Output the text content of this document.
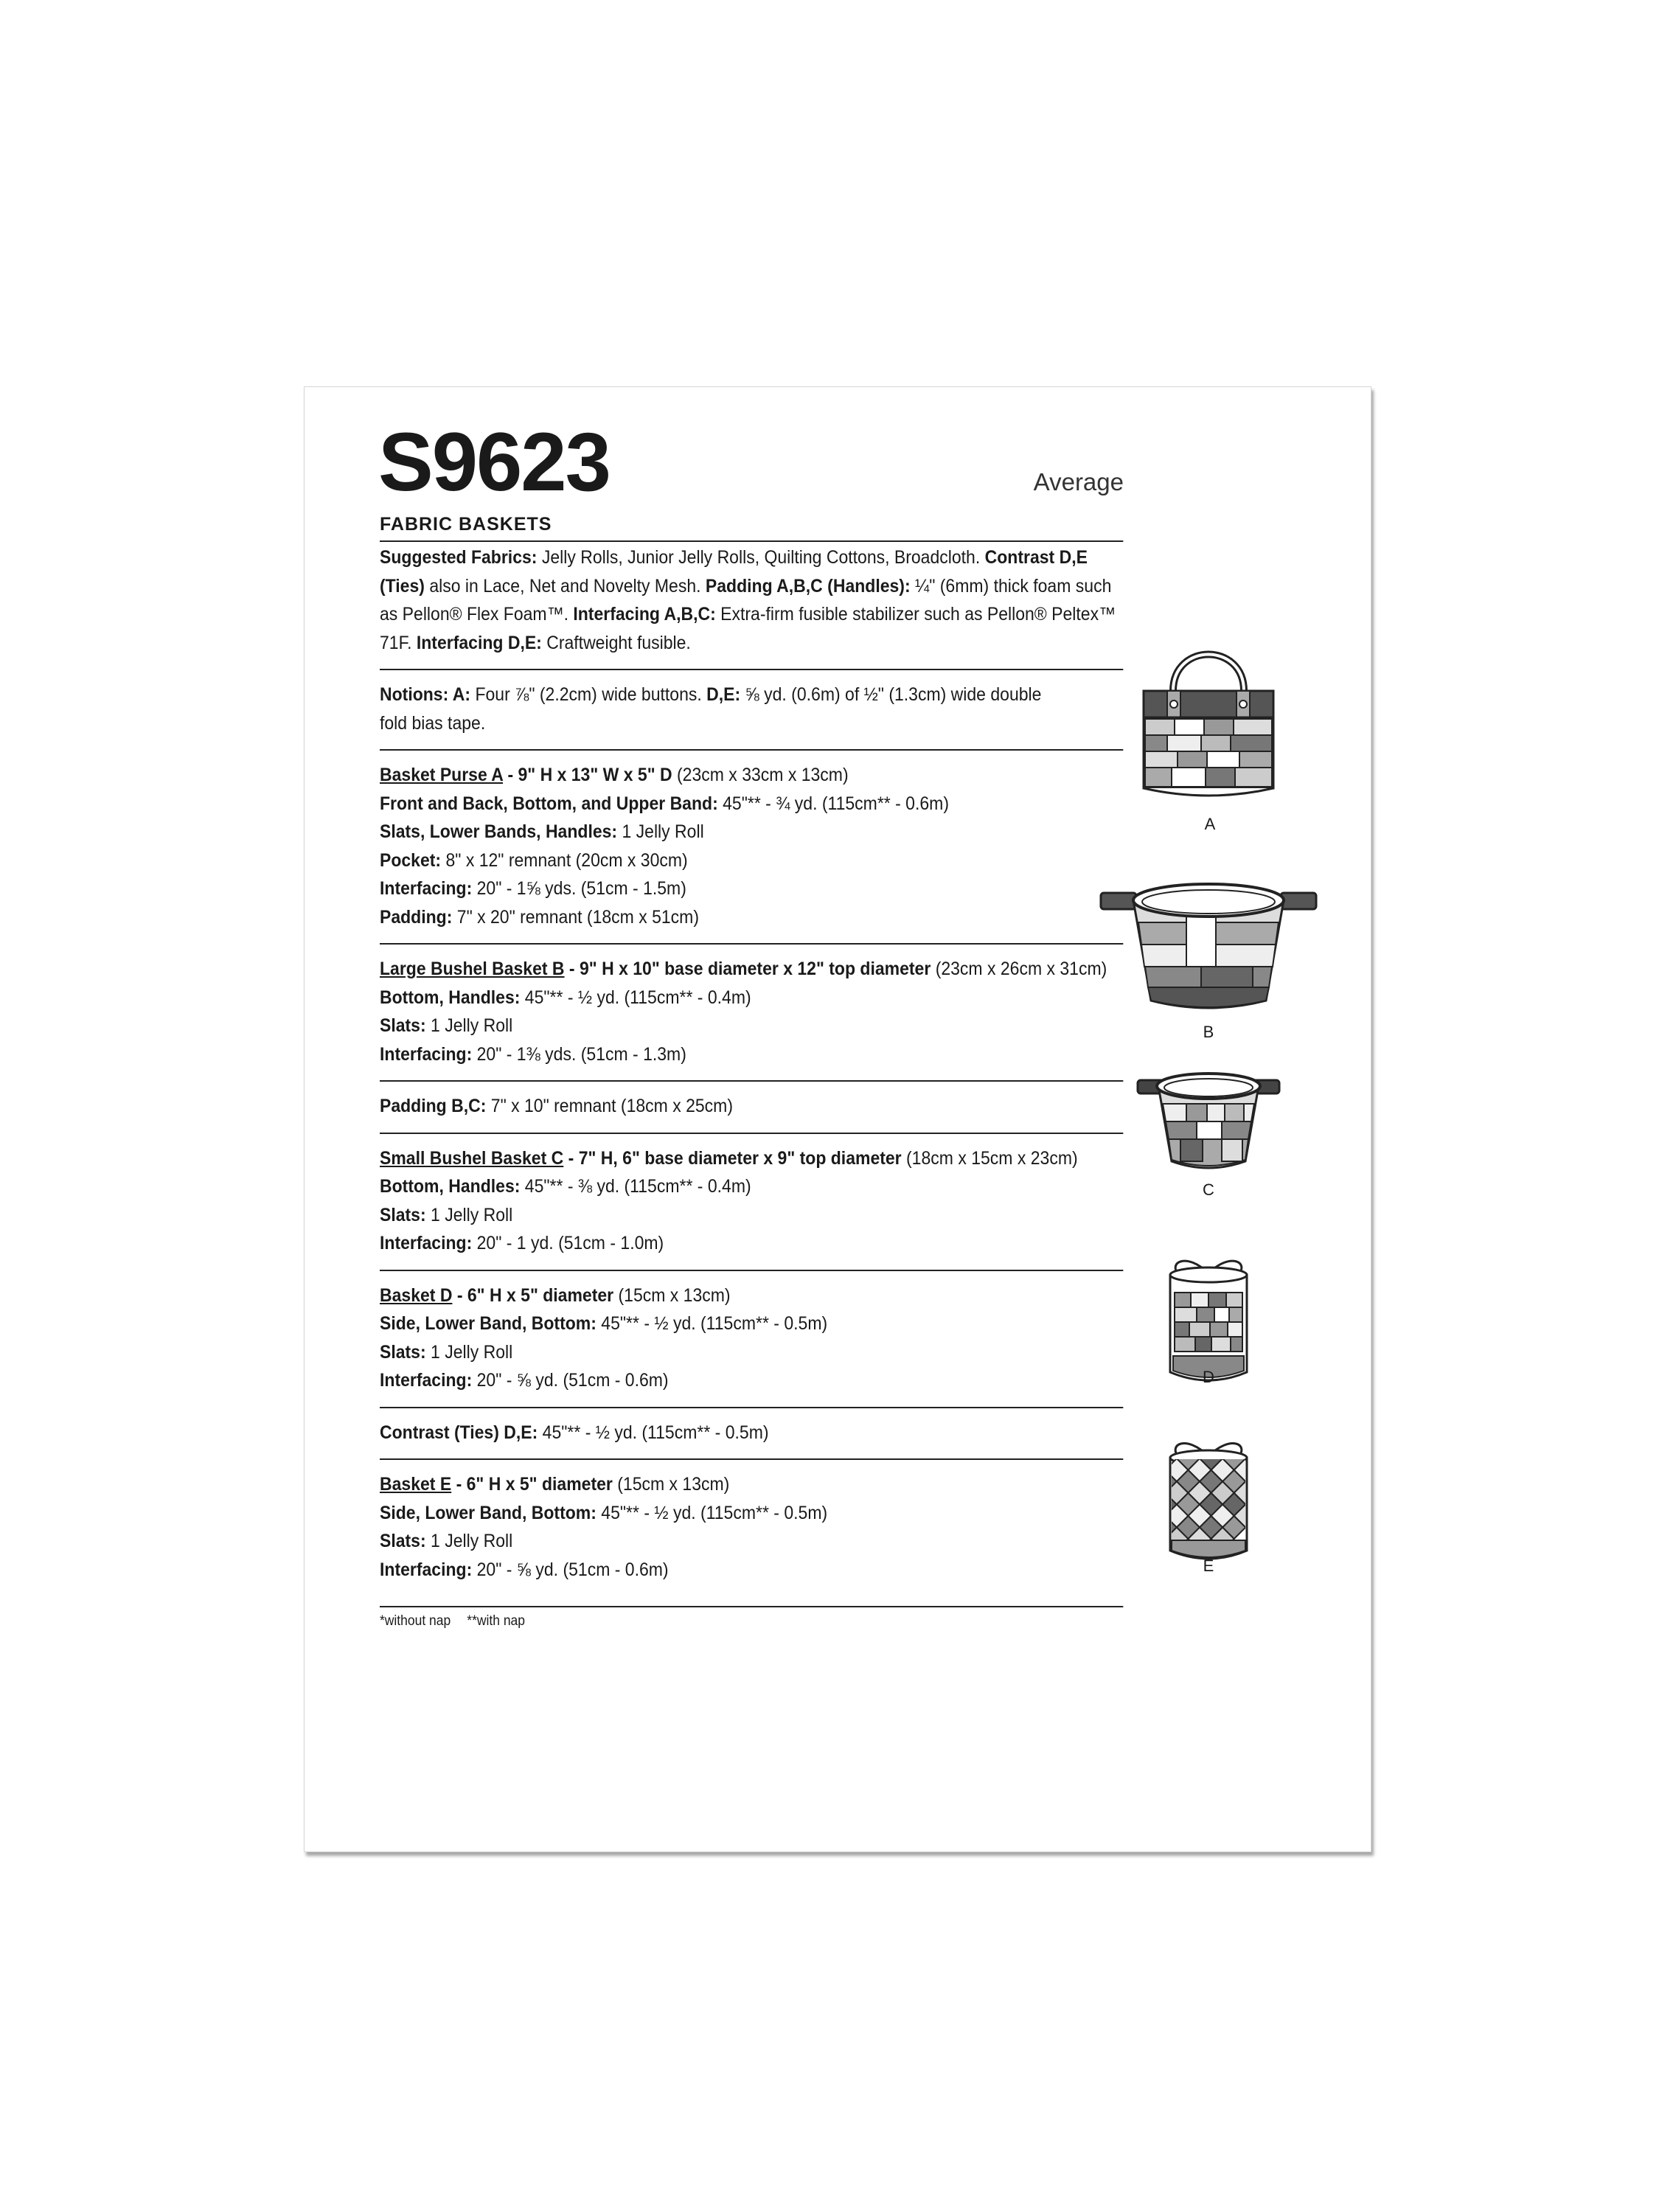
S9623	Average
FABRIC BASKETS

Suggested Fabrics: Jelly Rolls, Junior Jelly Rolls, Quilting Cottons, Broadcloth. Contrast D,E (Ties) also in Lace, Net and Novelty Mesh. Padding A,B,C (Handles): ¼" (6mm) thick foam such as Pellon® Flex Foam™. Interfacing A,B,C: Extra-firm fusible stabilizer such as Pellon® Peltex™ 71F. Interfacing D,E: Craftweight fusible.

Notions: A: Four ⅞" (2.2cm) wide buttons. D,E: ⅝ yd. (0.6m) of ½" (1.3cm) wide double fold bias tape.

Basket Purse A - 9" H x 13" W x 5" D (23cm x 33cm x 13cm)

Front and Back, Bottom, and Upper Band: 45"** - ¾ yd. (115cm** - 0.6m)

Slats, Lower Bands, Handles: 1 Jelly Roll

Pocket: 8" x 12" remnant (20cm x 30cm)

Interfacing: 20" - 1⅝ yds. (51cm - 1.5m)

Padding: 7" x 20" remnant (18cm x 51cm)

Large Bushel Basket B - 9" H x 10" base diameter x 12" top diameter (23cm x 26cm x 31cm)

Bottom, Handles: 45"** - ½ yd. (115cm** - 0.4m)

Slats: 1 Jelly Roll

Interfacing: 20" - 1⅜ yds. (51cm - 1.3m)

Padding B,C: 7" x 10" remnant (18cm x 25cm)

Small Bushel Basket C - 7" H, 6" base diameter x 9" top diameter (18cm x 15cm x 23cm)

Bottom, Handles: 45"** - ⅜ yd. (115cm** - 0.4m)

Slats: 1 Jelly Roll

Interfacing: 20" - 1 yd. (51cm - 1.0m)

Basket D - 6" H x 5" diameter (15cm x 13cm)

Side, Lower Band, Bottom: 45"** - ½ yd. (115cm** - 0.5m)

Slats: 1 Jelly Roll

Interfacing: 20" - ⅝ yd. (51cm - 0.6m)

Contrast (Ties) D,E: 45"** - ½ yd. (115cm** - 0.5m)

Basket E - 6" H x 5" diameter (15cm x 13cm)

Side, Lower Band, Bottom: 45"** - ½ yd. (115cm** - 0.5m)

Slats: 1 Jelly Roll

Interfacing: 20" - ⅝ yd. (51cm - 0.6m)

*without nap **with nap
A
B
C
D
E
